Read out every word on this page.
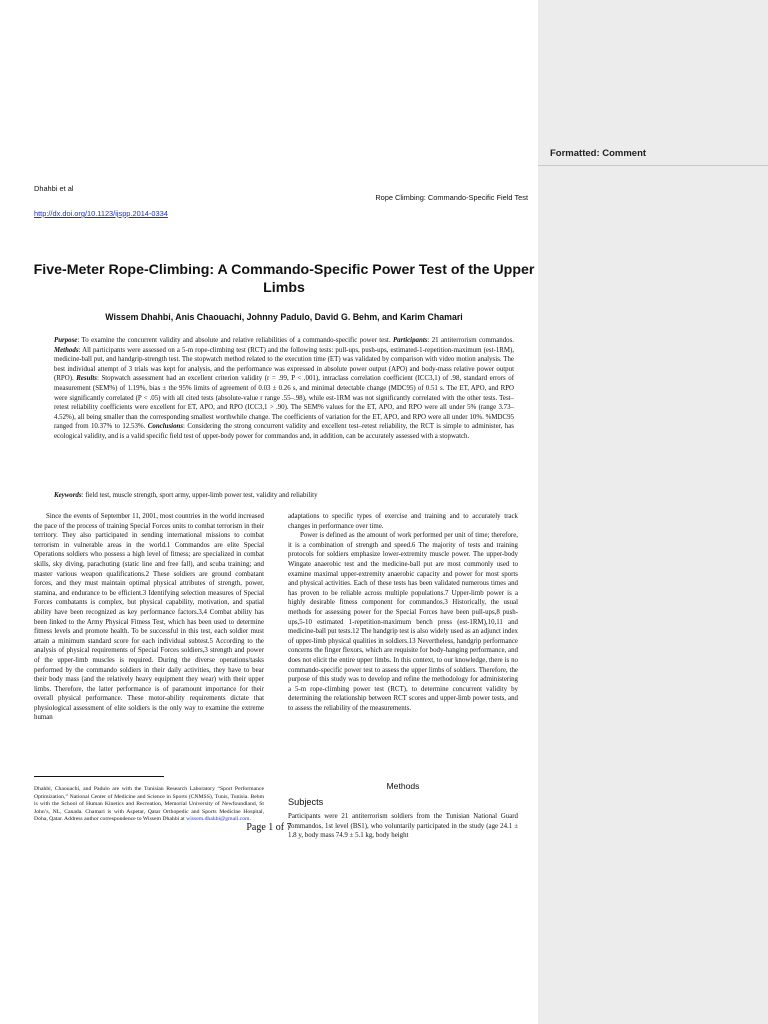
Dhahbi et al
Rope Climbing: Commando-Specific Field Test
http://dx.doi.org/10.1123/ijspp.2014-0334
Five-Meter Rope-Climbing: A Commando-Specific Power Test of the Upper Limbs
Wissem Dhahbi, Anis Chaouachi, Johnny Padulo, David G. Behm, and Karim Chamari

Purpose: To examine the concurrent validity and absolute and relative reliabilities of a commando-specific power test. Participants: 21 antiterrorism commandos. Methods: All participants were assessed on a 5-m rope-climbing test (RCT) and the following tests: pull-ups, push-ups, estimated-1-repetition-maximum (est-1RM), medicine-ball put, and handgrip-strength test. The stopwatch method related to the execution time (ET) was validated by comparison with video motion analysis. The best individual attempt of 3 trials was kept for analysis, and the performance was expressed in absolute power output (APO) and body-mass relative power output (RPO). Results: Stopwatch assessment had an excellent criterion validity (r = .99, P < .001), intraclass correlation coefficient (ICC3,1) of .98, standard errors of measurement (SEM%) of 1.19%, bias ± the 95% limits of agreement of 0.03 ± 0.26 s, and minimal detectable change (MDC95) of 0.51 s. The ET, APO, and RPO were significantly correlated (P < .05) with all cited tests (absolute-value r range .55–.98), while est-1RM was not significantly correlated with the other tests. Test–retest reliability coefficients were excellent for ET, APO, and RPO (ICC3,1 > .90). The SEM% values for the ET, APO, and RPO were all under 5% (range 3.73–4.52%), all being smaller than the corresponding smallest worthwhile change. The coefficients of variation for the ET, APO, and RPO were all under 10%. %MDC95 ranged from 10.37% to 12.53%. Conclusions: Considering the strong concurrent validity and excellent test–retest reliability, the RCT is simple to administer, has ecological validity, and is a valid specific field test of upper-body power for commandos and, in addition, can be accurately assessed with a stopwatch.

Keywords: field test, muscle strength, sport army, upper-limb power test, validity and reliability

Since the events of September 11, 2001, most countries in the world increased the pace of the process of training Special Forces units to combat terrorism in their territory. They also participated in sending international missions to combat terrorism in vulnerable areas in the world.1 Commandos are elite Special Operations soldiers who possess a high level of fitness; are specialized in combat skills, sky diving, parachuting (static line and free fall), and scuba training; and master various weapon qualifications.2 These soldiers are ground combatant forces, and they must maintain optimal physical attributes of strength, power, stamina, and endurance to be efficient.3 Identifying selection measures of Special Forces combatants is complex, but physical capability, motivation, and spatial ability have been recognized as key performance factors.3,4 Combat ability has been linked to the Army Physical Fitness Test, which has been used to determine fitness levels and promote health. To be successful in this test, each soldier must attain a minimum standard score for each individual subtest.5 According to the analysis of physical requirements of Special Forces soldiers,3 strength and power of the upper-limb muscles is required. During the diverse operations/tasks performed by the commando soldiers in their daily activities, they have to bear their body mass (and the relatively heavy equipment they wear) with their upper limbs. Therefore, the latter performance is of paramount importance for their overall physical performance. These motor-ability requirements dictate that physiological assessment of elite soldiers is the only way to examine the extreme human

adaptations to specific types of exercise and training and to accurately track changes in performance over time.

Power is defined as the amount of work performed per unit of time; therefore, it is a combination of strength and speed.6 The majority of tests and training protocols for soldiers emphasize lower-extremity muscle power. The upper-body Wingate anaerobic test and the medicine-ball put are most commonly used to examine maximal upper-extremity anaerobic capacity and power for most sports and physical activities. Each of these tests has been validated numerous times and has proven to be reliable across multiple populations.7 Upper-limb power is a highly desirable fitness component for commandos.3 Historically, the usual methods for assessing power for the Special Forces have been pull-ups,8 push-ups,5-10 estimated 1-repetition-maximum bench press (est-1RM),10,11 and medicine-ball put tests.12 The handgrip test is also widely used as an adjunct index of upper-limb physical qualities in soldiers.13 Nevertheless, handgrip performance concerns the finger flexors, which are requisite for body-hanging performance, and does not elicit the entire upper limbs. In this context, to our knowledge, there is no commando-specific power test to assess the upper limbs of soldiers. Therefore, the purpose of this study was to develop and refine the methodology for administering a 5-m rope-climbing power test (RCT), to determine concurrent validity by determining the relationship between RCT scores and upper-limb power tests, and to assess the reliability of the measurements.

Dhahbi, Chaouachi, and Padulo are with the Tunisian Research Laboratory “Sport Performance Optimization,” National Center of Medicine and Science in Sports (CNMSS), Tunis, Tunisia. Behm is with the School of Human Kinetics and Recreation, Memorial University of Newfoundland, St John’s, NL, Canada. Chamari is with Aspetar, Qatar Orthopedic and Sports Medicine Hospital, Doha, Qatar. Address author correspondence to Wissem Dhahbi at wissem.dhahbi@gmail.com.

Methods
Subjects

Participants were 21 antiterrorism soldiers from the Tunisian National Guard commandos, 1st level (BS1), who voluntarily participated in the study (age 24.1 ± 1.8 y, body mass 74.9 ± 5.1 kg, body height

Page 1 of 7
Formatted: Comment
